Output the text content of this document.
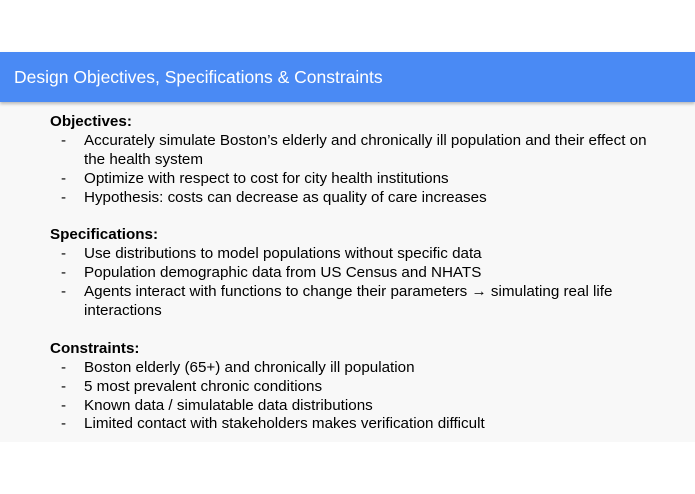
Design Objectives, Specifications & Constraints
Objectives:
- Accurately simulate Boston’s elderly and chronically ill population and their effect on the health system
- Optimize with respect to cost for city health institutions
- Hypothesis: costs can decrease as quality of care increases
Specifications:
- Use distributions to model populations without specific data
- Population demographic data from US Census and NHATS
- Agents interact with functions to change their parameters → simulating real life interactions
Constraints:
- Boston elderly (65+) and chronically ill population
- 5 most prevalent chronic conditions
- Known data / simulatable data distributions
- Limited contact with stakeholders makes verification difficult
